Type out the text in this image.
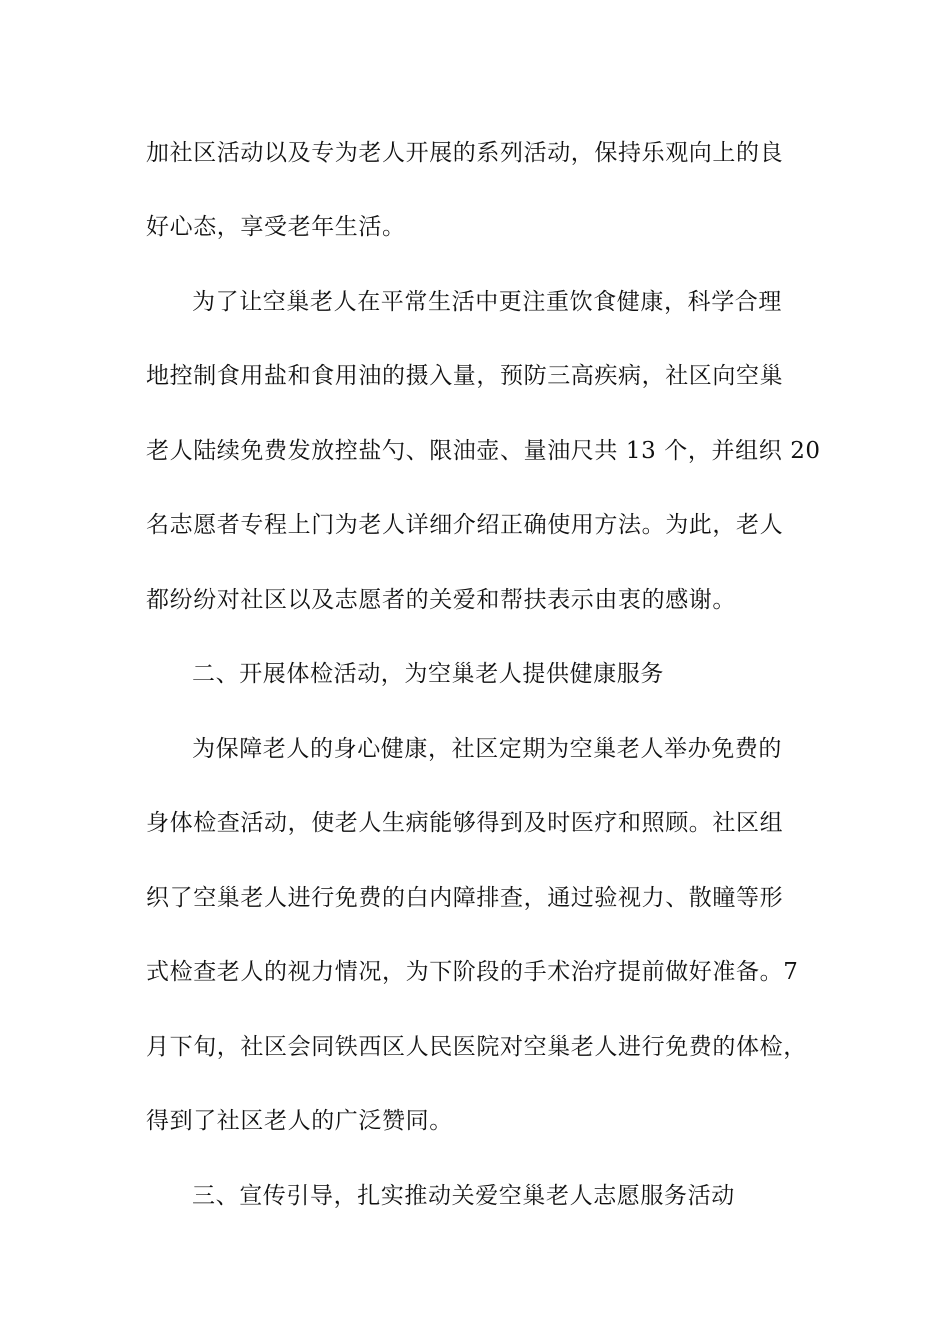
加社区活动以及专为老人开展的系列活动，保持乐观向上的良
好心态，享受老年生活。
为了让空巢老人在平常生活中更注重饮食健康，科学合理
地控制食用盐和食用油的摄入量，预防三高疾病，社区向空巢
老人陆续免费发放控盐勺、限油壶、量油尺共 13 个，并组织 20
名志愿者专程上门为老人详细介绍正确使用方法。为此，老人
都纷纷对社区以及志愿者的关爱和帮扶表示由衷的感谢。
二、开展体检活动，为空巢老人提供健康服务
为保障老人的身心健康，社区定期为空巢老人举办免费的
身体检查活动，使老人生病能够得到及时医疗和照顾。社区组
织了空巢老人进行免费的白内障排查，通过验视力、散瞳等形
式检查老人的视力情况，为下阶段的手术治疗提前做好准备。7
月下旬，社区会同铁西区人民医院对空巢老人进行免费的体检，
得到了社区老人的广泛赞同。
三、宣传引导，扎实推动关爱空巢老人志愿服务活动
